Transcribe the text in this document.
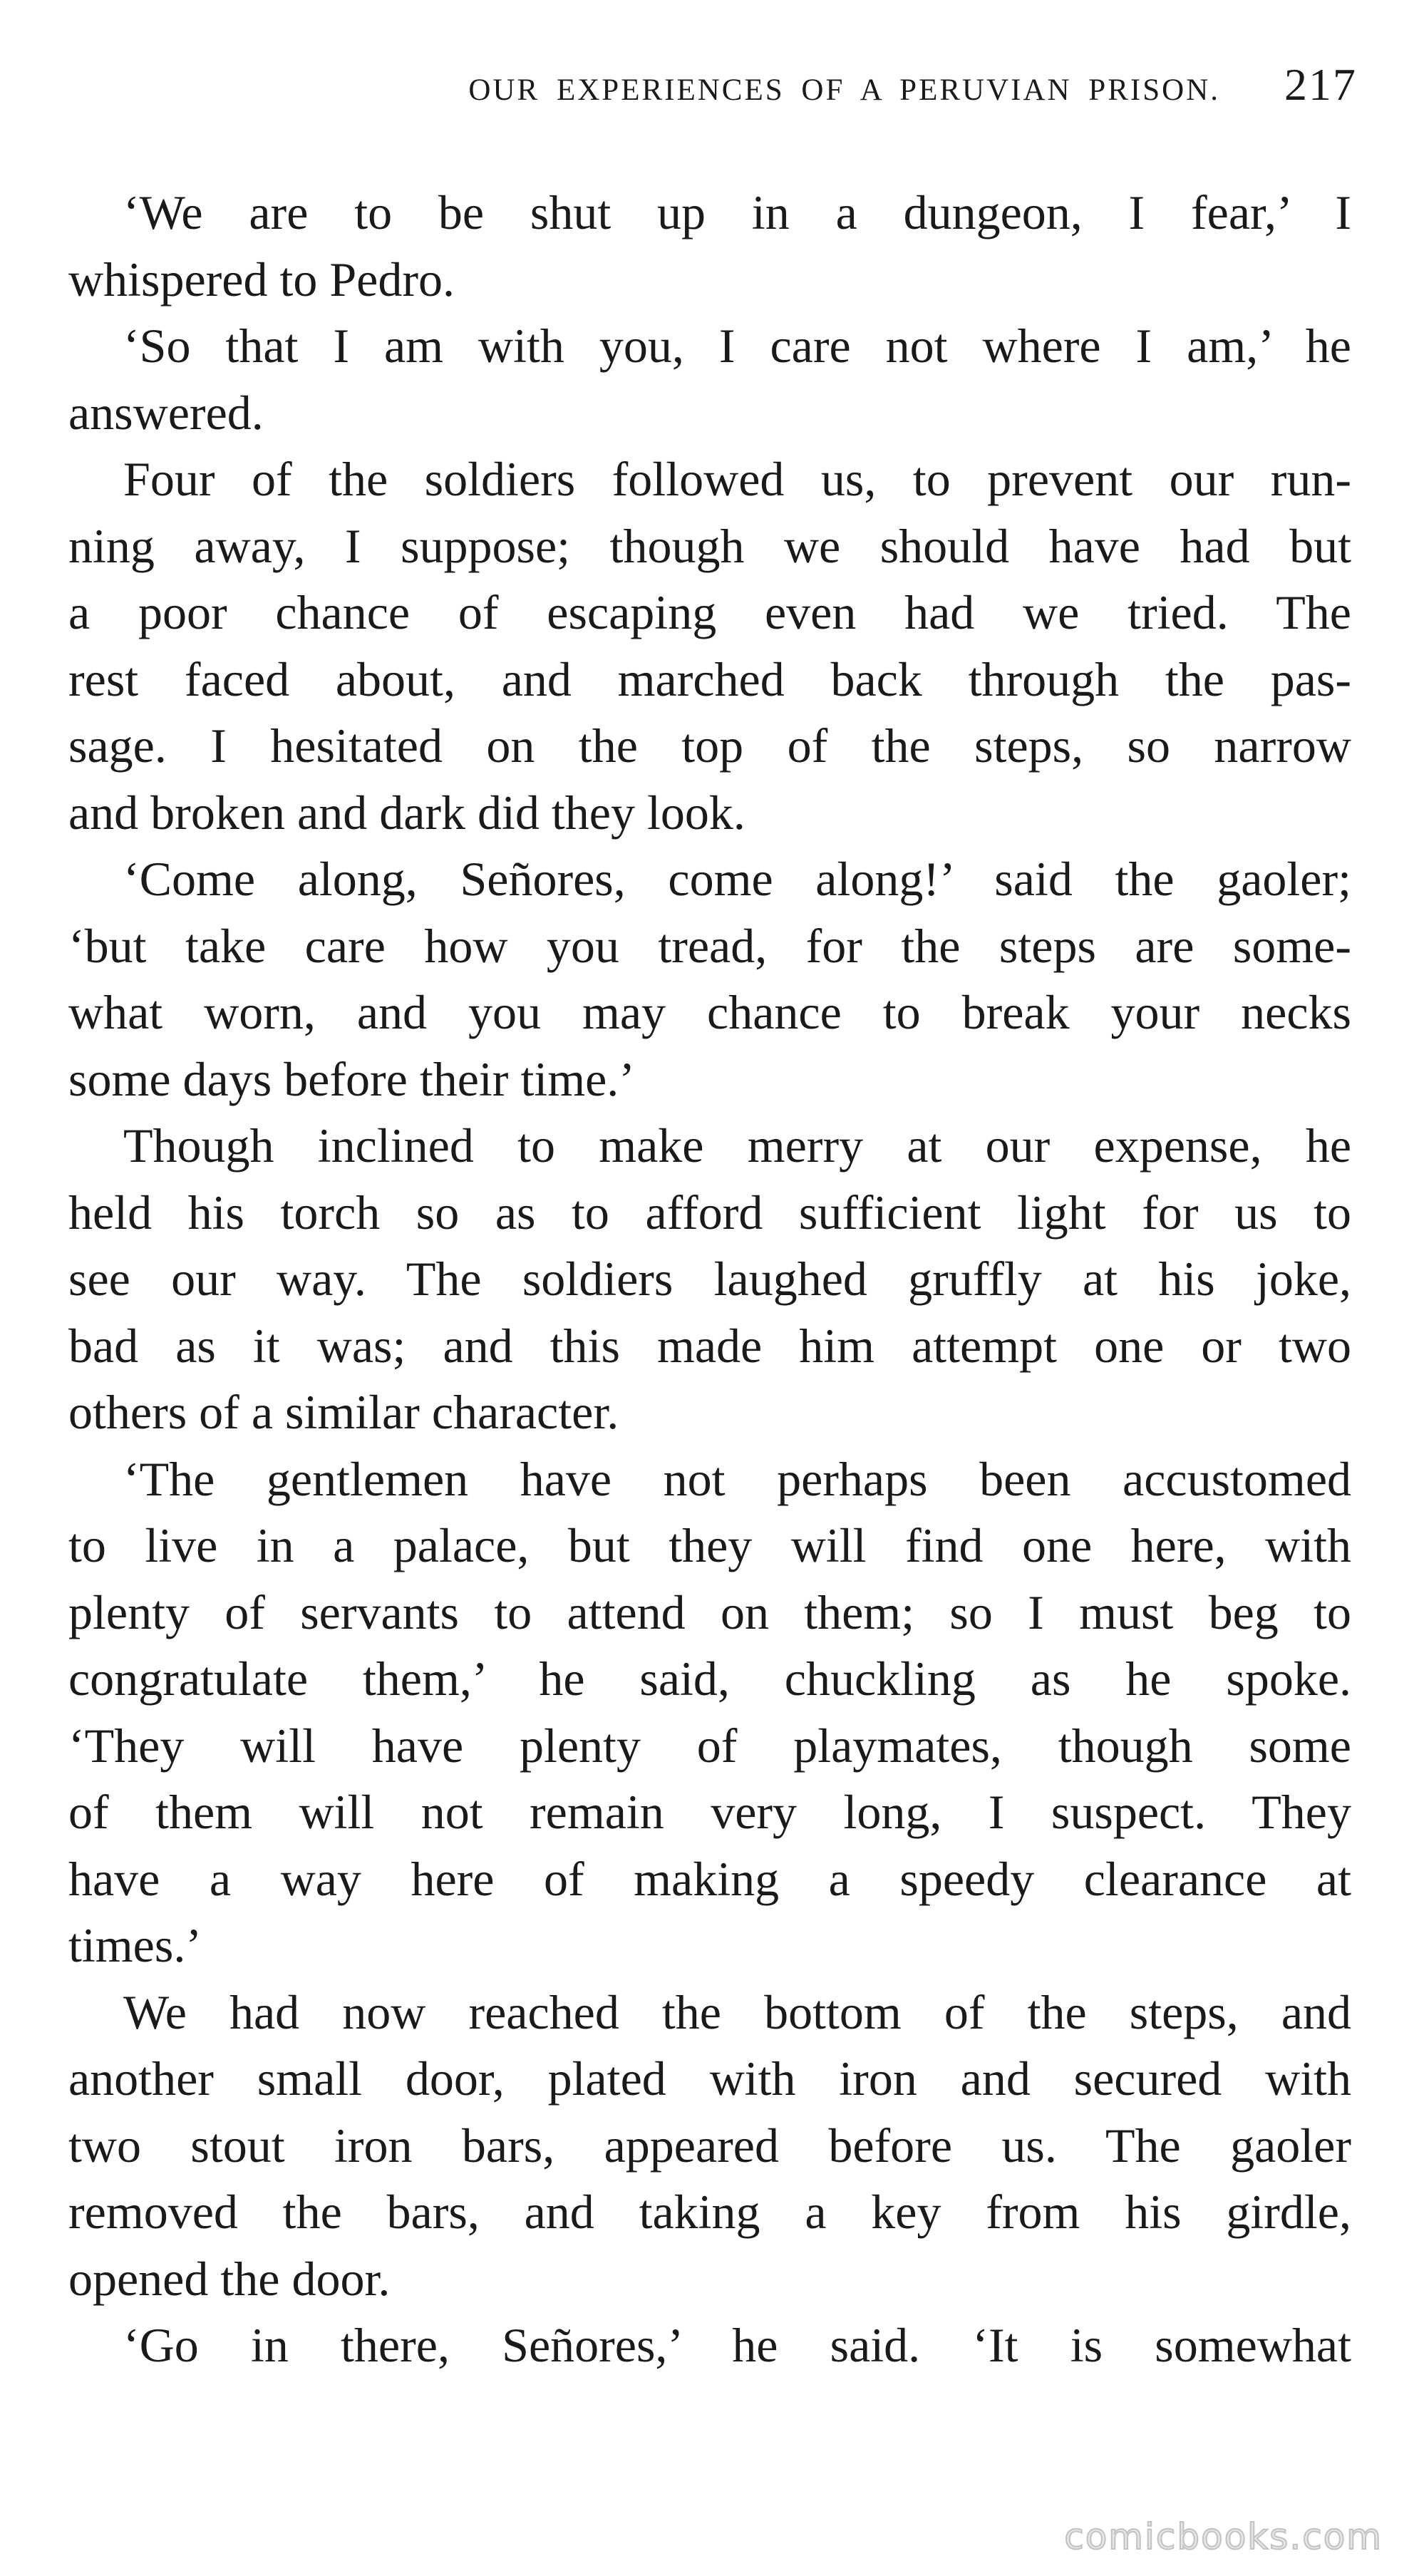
OUR EXPERIENCES OF A PERUVIAN PRISON. 217
‘We are to be shut up in a dungeon, I fear,’ I
whispered to Pedro.
‘So that I am with you, I care not where I am,’ he
answered.
Four of the soldiers followed us, to prevent our run-
ning away, I suppose; though we should have had but
a poor chance of escaping even had we tried. The
rest faced about, and marched back through the pas-
sage. I hesitated on the top of the steps, so narrow
and broken and dark did they look.
‘Come along, Señores, come along!’ said the gaoler;
‘but take care how you tread, for the steps are some-
what worn, and you may chance to break your necks
some days before their time.’
Though inclined to make merry at our expense, he
held his torch so as to afford sufficient light for us to
see our way. The soldiers laughed gruffly at his joke,
bad as it was; and this made him attempt one or two
others of a similar character.
‘The gentlemen have not perhaps been accustomed
to live in a palace, but they will find one here, with
plenty of servants to attend on them; so I must beg to
congratulate them,’ he said, chuckling as he spoke.
‘They will have plenty of playmates, though some
of them will not remain very long, I suspect. They
have a way here of making a speedy clearance at
times.’
We had now reached the bottom of the steps, and
another small door, plated with iron and secured with
two stout iron bars, appeared before us. The gaoler
removed the bars, and taking a key from his girdle,
opened the door.
‘Go in there, Señores,’ he said. ‘It is somewhat
comicbooks.com
